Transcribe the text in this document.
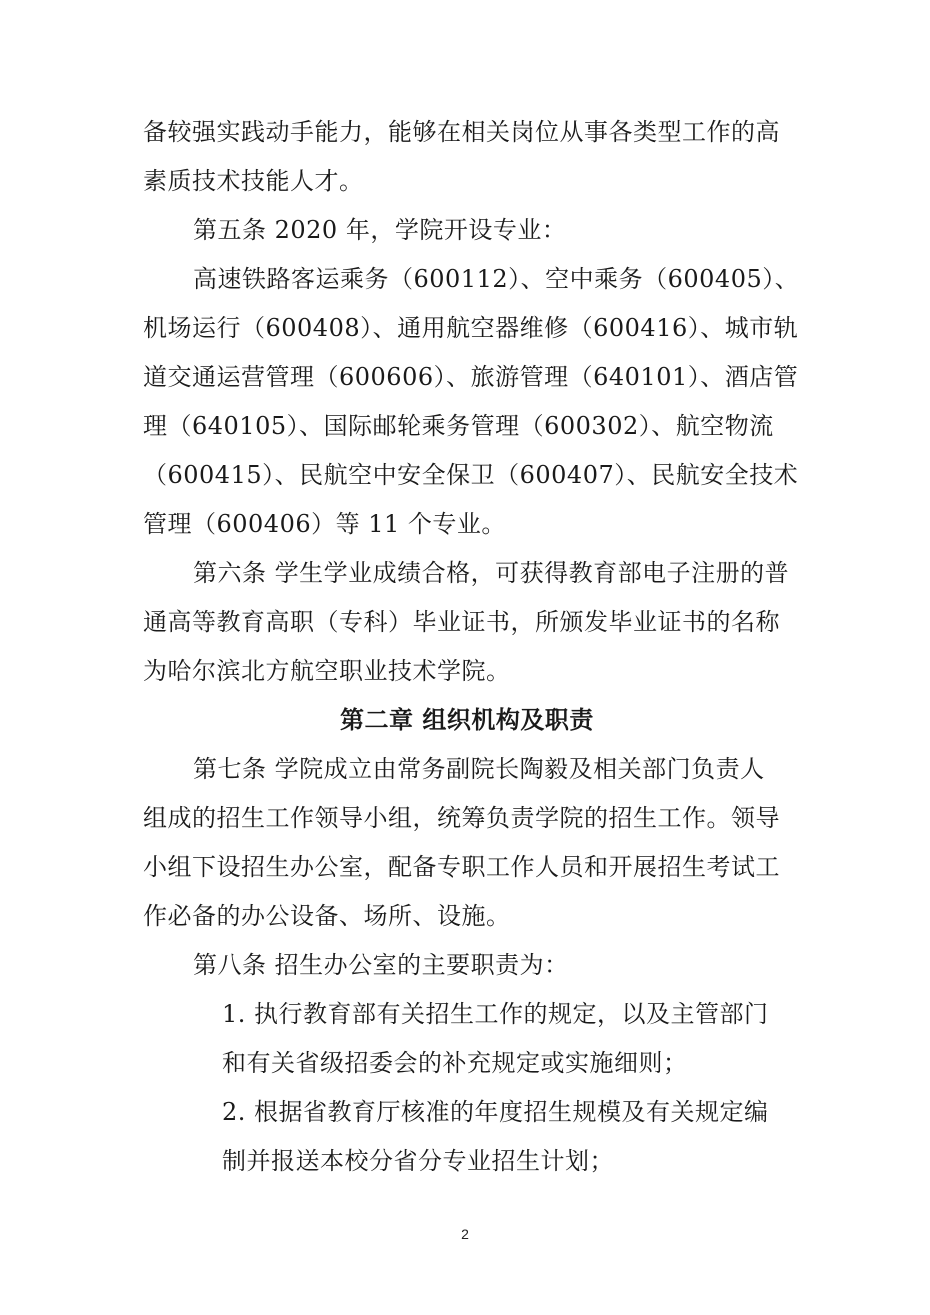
备较强实践动手能力，能够在相关岗位从事各类型工作的高
素质技术技能人才。
第五条 2020 年，学院开设专业：
高速铁路客运乘务（600112）、空中乘务（600405）、
机场运行（600408）、通用航空器维修（600416）、城市轨
道交通运营管理（600606）、旅游管理（640101）、酒店管
理（640105）、国际邮轮乘务管理（600302）、航空物流
（600415）、民航空中安全保卫（600407）、民航安全技术
管理（600406）等 11 个专业。
第六条 学生学业成绩合格，可获得教育部电子注册的普
通高等教育高职（专科）毕业证书，所颁发毕业证书的名称
为哈尔滨北方航空职业技术学院。
第二章 组织机构及职责
第七条 学院成立由常务副院长陶毅及相关部门负责人
组成的招生工作领导小组，统筹负责学院的招生工作。领导
小组下设招生办公室，配备专职工作人员和开展招生考试工
作必备的办公设备、场所、设施。
第八条 招生办公室的主要职责为：
1. 执行教育部有关招生工作的规定，以及主管部门
和有关省级招委会的补充规定或实施细则；
2. 根据省教育厅核准的年度招生规模及有关规定编
制并报送本校分省分专业招生计划；
2
